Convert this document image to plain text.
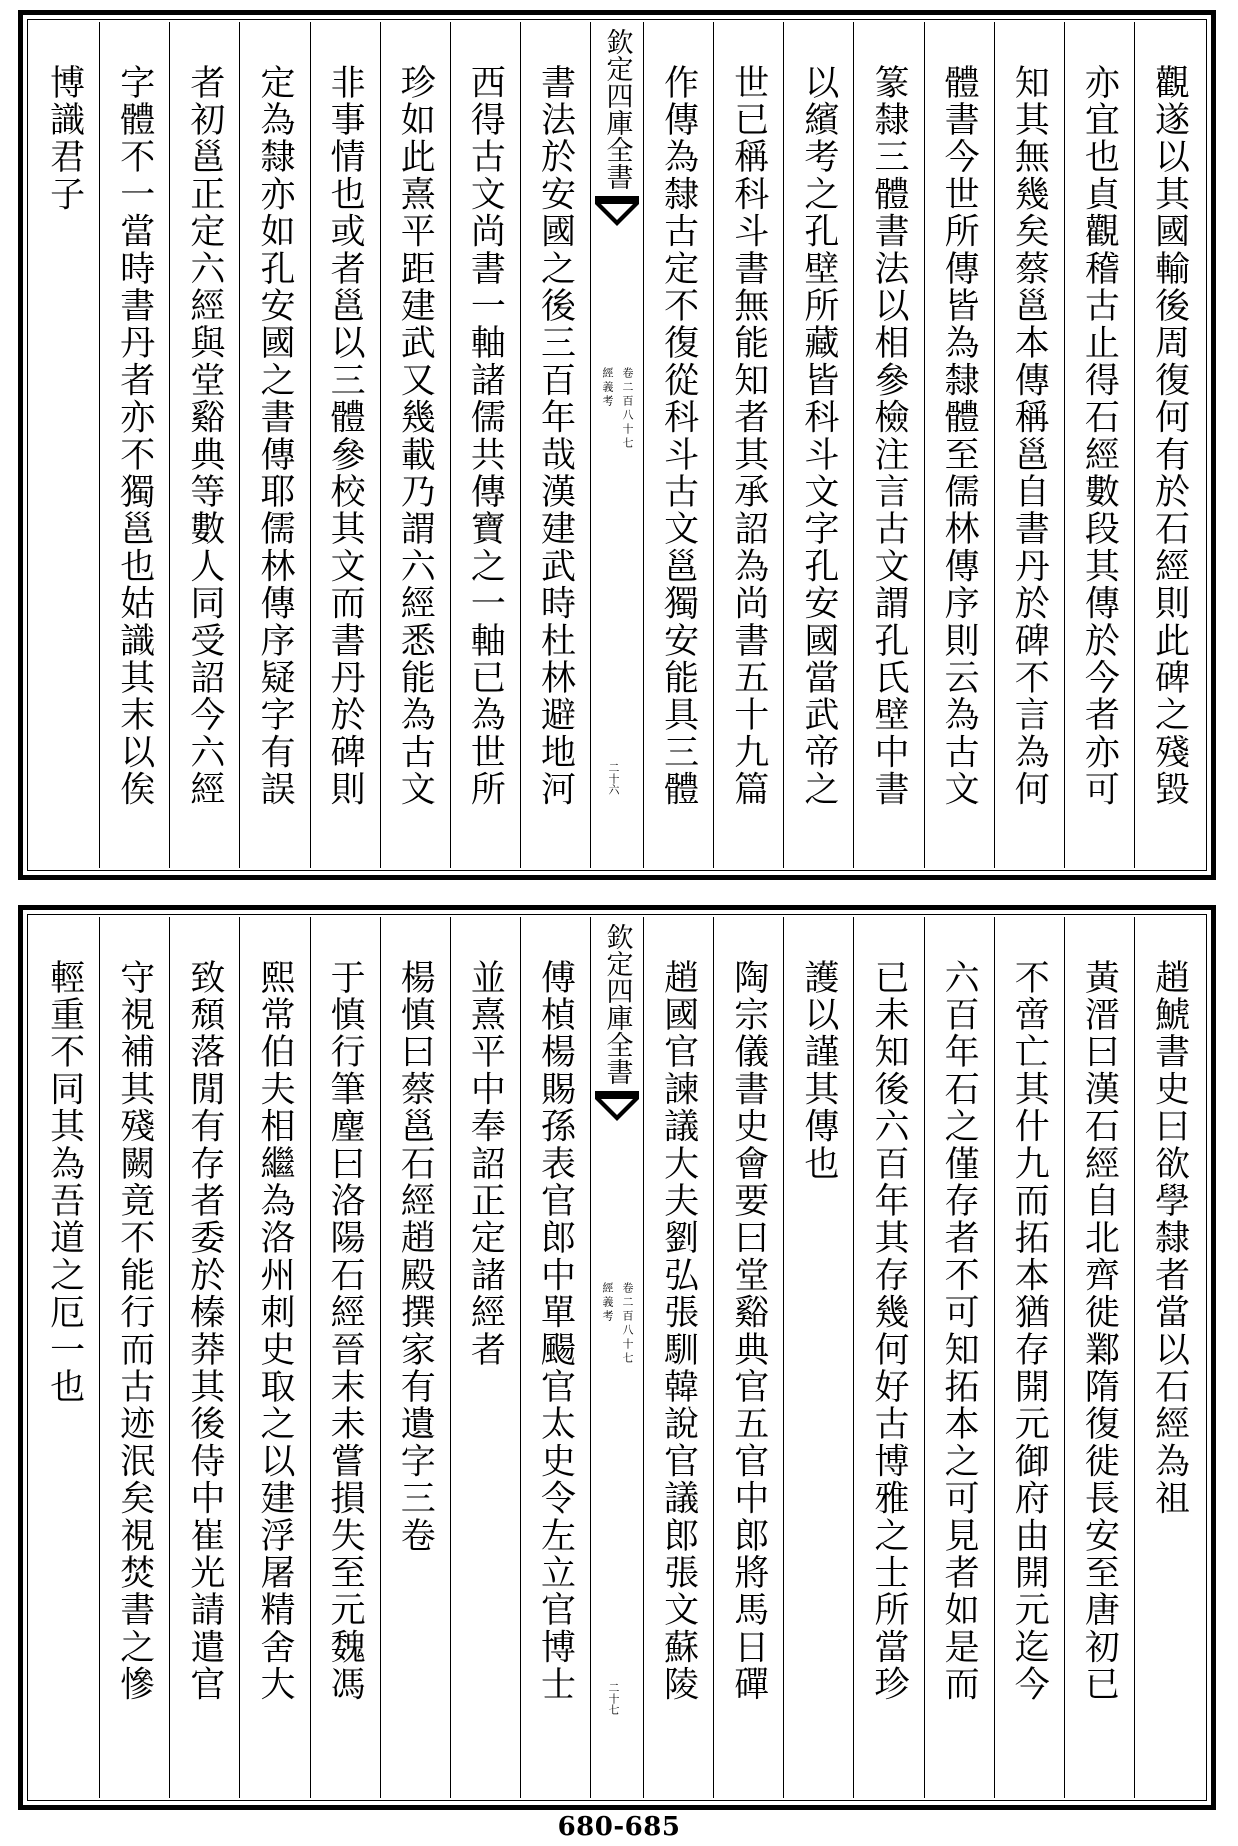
觀遂以其國輸後周復何有於石經則此碑之殘毀
亦宜也貞觀稽古止得石經數段其傳於今者亦可
知其無幾矣蔡邕本傳稱邕自書丹於碑不言為何
體書今世所傳皆為隸體至儒林傳序則云為古文
篆隸三體書法以相參檢注言古文謂孔氏壁中書
以繽考之孔壁所藏皆科斗文字孔安國當武帝之
世已稱科斗書無能知者其承詔為尚書五十九篇
作傳為隸古定不復從科斗古文邕獨安能具三體
欽定四庫全書
經義考 卷二百八十七
二十六
書法於安國之後三百年哉漢建武時杜林避地河
西得古文尚書一軸諸儒共傳寶之一軸已為世所
珍如此熹平距建武又幾載乃謂六經悉能為古文
非事情也或者邕以三體參校其文而書丹於碑則
定為隸亦如孔安國之書傳耶儒林傳序疑字有誤
者初邕正定六經與堂谿典等數人同受詔今六經
字體不一當時書丹者亦不獨邕也姑識其末以俟
博識君子
趙鯱書史曰欲學隸者當以石經為祖
黃溍曰漢石經自北齊徙鄴隋復徙長安至唐初已
不啻亡其什九而拓本猶存開元御府由開元迄今
六百年石之僅存者不可知拓本之可見者如是而
已未知後六百年其存幾何好古博雅之士所當珍
護以謹其傳也
陶宗儀書史會要曰堂谿典官五官中郎將馬日磾
趙國官諫議大夫劉弘張馴韓說官議郎張文蘇陵
欽定四庫全書
經義考 卷二百八十七
二十七
傅楨楊賜孫表官郎中單颺官太史令左立官博士
並熹平中奉詔正定諸經者
楊慎曰蔡邕石經趙殿撰家有遺字三卷
于慎行筆麈曰洛陽石經晉末未嘗損失至元魏馮
熙常伯夫相繼為洛州刺史取之以建浮屠精舍大
致頹落閒有存者委於榛莽其後侍中崔光請遣官
守視補其殘闕竟不能行而古迹泯矣視焚書之慘
輕重不同其為吾道之厄一也
680-685
